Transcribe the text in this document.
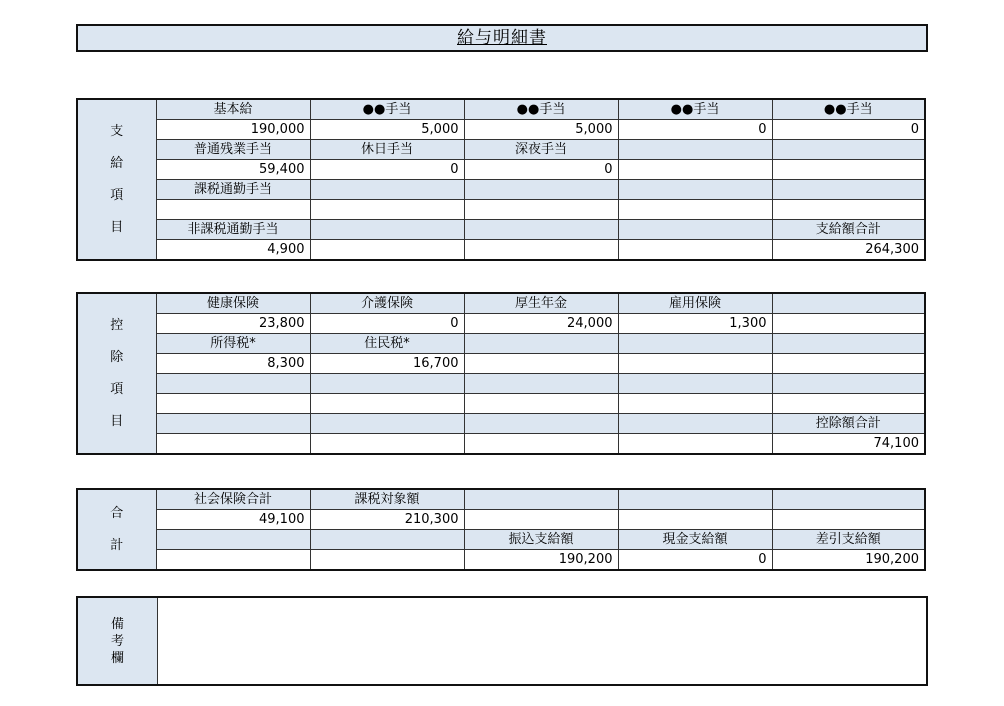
給与明細書
支
給
項
目	基本給	●●手当	●●手当	●●手当	●●手当
	190,000	5,000	5,000	0	0
	普通残業手当	休日手当	深夜手当		
	59,400	0	0		
	課税通勤手当				

	非課税通勤手当				支給額合計
	4,900				264,300
控
除
項
目	健康保険	介護保険	厚生年金	雇用保険	
	23,800	0	24,000	1,300	
	所得税*	住民税*			
	8,300	16,700			

					控除額合計
					74,100
合
計	社会保険合計	課税対象額			
	49,100	210,300			
			振込支給額	現金支給額	差引支給額
			190,200	0	190,200
備
考
欄
